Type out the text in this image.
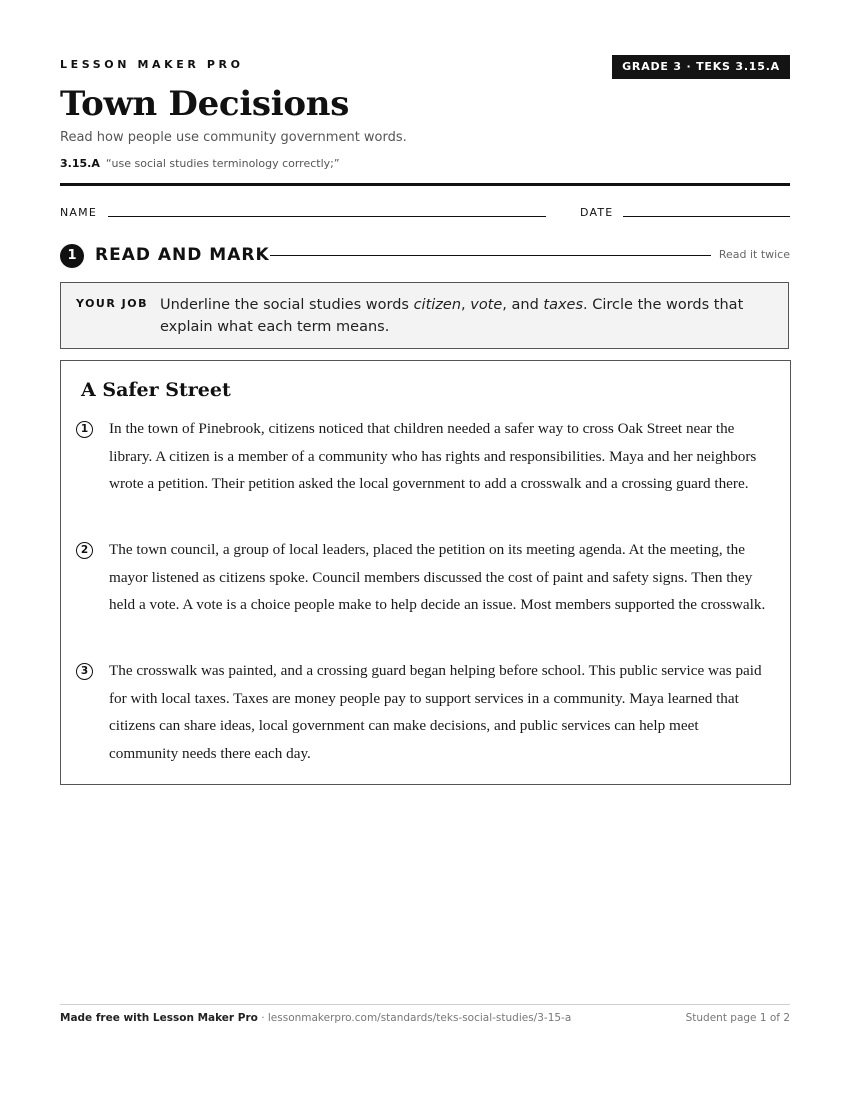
LESSON MAKER PRO	GRADE 3 · TEKS 3.15.A
Town Decisions
Read how people use community government words.
3.15.A “use social studies terminology correctly;”
NAME	DATE
1	READ AND MARK	Read it twice
YOUR JOB Underline the social studies words citizen, vote, and taxes. Circle the words that explain what each term means.
A Safer Street
1	In the town of Pinebrook, citizens noticed that children needed a safer way to cross Oak Street near the library. A citizen is a member of a community who has rights and responsibilities. Maya and her neighbors wrote a petition. Their petition asked the local government to add a crosswalk and a crossing guard there.

2	The town council, a group of local leaders, placed the petition on its meeting agenda. At the meeting, the mayor listened as citizens spoke. Council members discussed the cost of paint and safety signs. Then they held a vote. A vote is a choice people make to help decide an issue. Most members supported the crosswalk.

3	The crosswalk was painted, and a crossing guard began helping before school. This public service was paid for with local taxes. Taxes are money people pay to support services in a community. Maya learned that citizens can share ideas, local government can make decisions, and public services can help meet community needs there each day.

Made free with Lesson Maker Pro · lessonmakerpro.com/standards/teks-social-studies/3-15-a	Student page 1 of 2
